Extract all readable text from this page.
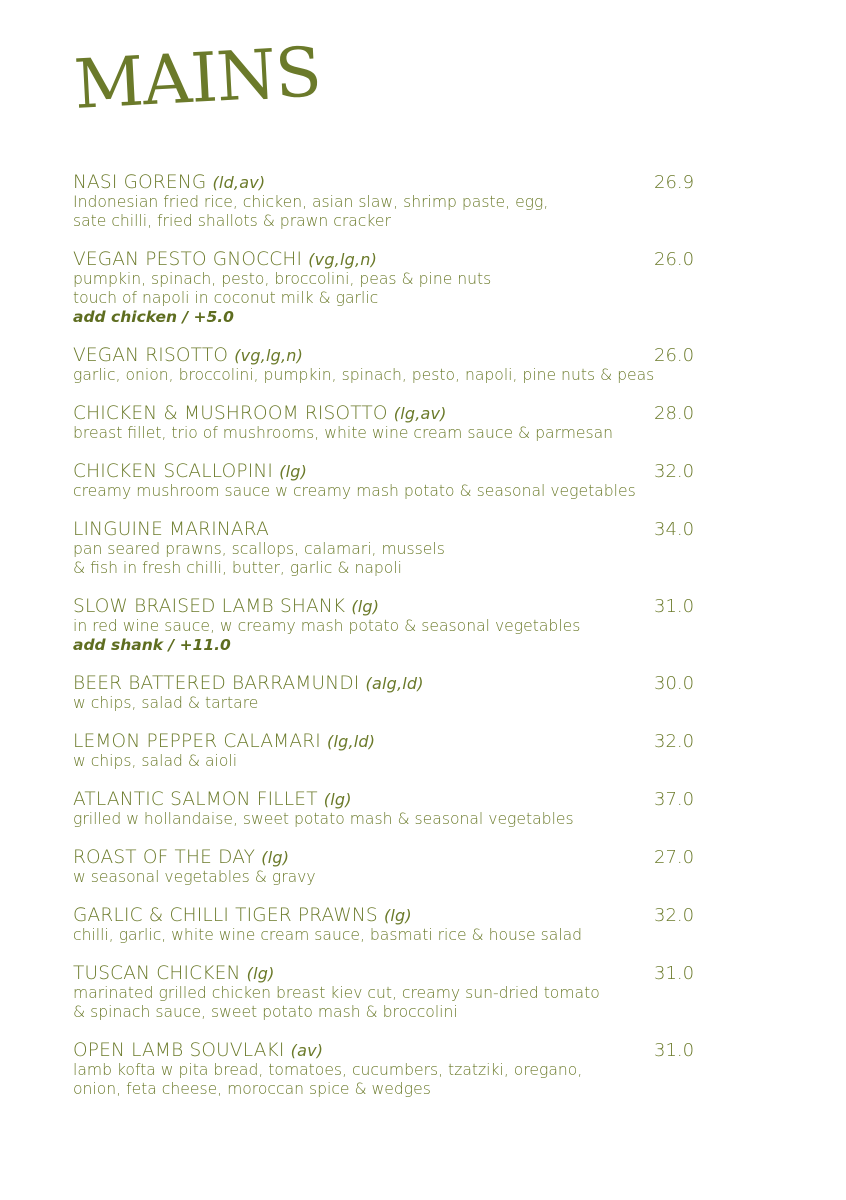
MAINS
NASI GORENG (ld,av)	26.9
Indonesian fried rice, chicken, asian slaw, shrimp paste, egg,
sate chilli, fried shallots & prawn cracker
VEGAN PESTO GNOCCHI (vg,lg,n)	26.0
pumpkin, spinach, pesto, broccolini, peas & pine nuts
touch of napoli in coconut milk & garlic
add chicken / +5.0
VEGAN RISOTTO (vg,lg,n)	26.0
garlic, onion, broccolini, pumpkin, spinach, pesto, napoli, pine nuts & peas
CHICKEN & MUSHROOM RISOTTO (lg,av)	28.0
breast fillet, trio of mushrooms, white wine cream sauce & parmesan
CHICKEN SCALLOPINI (lg)	32.0
creamy mushroom sauce w creamy mash potato & seasonal vegetables
LINGUINE MARINARA	34.0
pan seared prawns, scallops, calamari, mussels
& fish in fresh chilli, butter, garlic & napoli
SLOW BRAISED LAMB SHANK (lg)	31.0
in red wine sauce, w creamy mash potato & seasonal vegetables
add shank / +11.0
BEER BATTERED BARRAMUNDI (alg,ld)	30.0
w chips, salad & tartare
LEMON PEPPER CALAMARI (lg,ld)	32.0
w chips, salad & aioli
ATLANTIC SALMON FILLET (lg)	37.0
grilled w hollandaise, sweet potato mash & seasonal vegetables
ROAST OF THE DAY (lg)	27.0
w seasonal vegetables & gravy
GARLIC & CHILLI TIGER PRAWNS (lg)	32.0
chilli, garlic, white wine cream sauce, basmati rice & house salad
TUSCAN CHICKEN (lg)	31.0
marinated grilled chicken breast kiev cut, creamy sun-dried tomato
& spinach sauce, sweet potato mash & broccolini
OPEN LAMB SOUVLAKI (av)	31.0
lamb kofta w pita bread, tomatoes, cucumbers, tzatziki, oregano,
onion, feta cheese, moroccan spice & wedges
